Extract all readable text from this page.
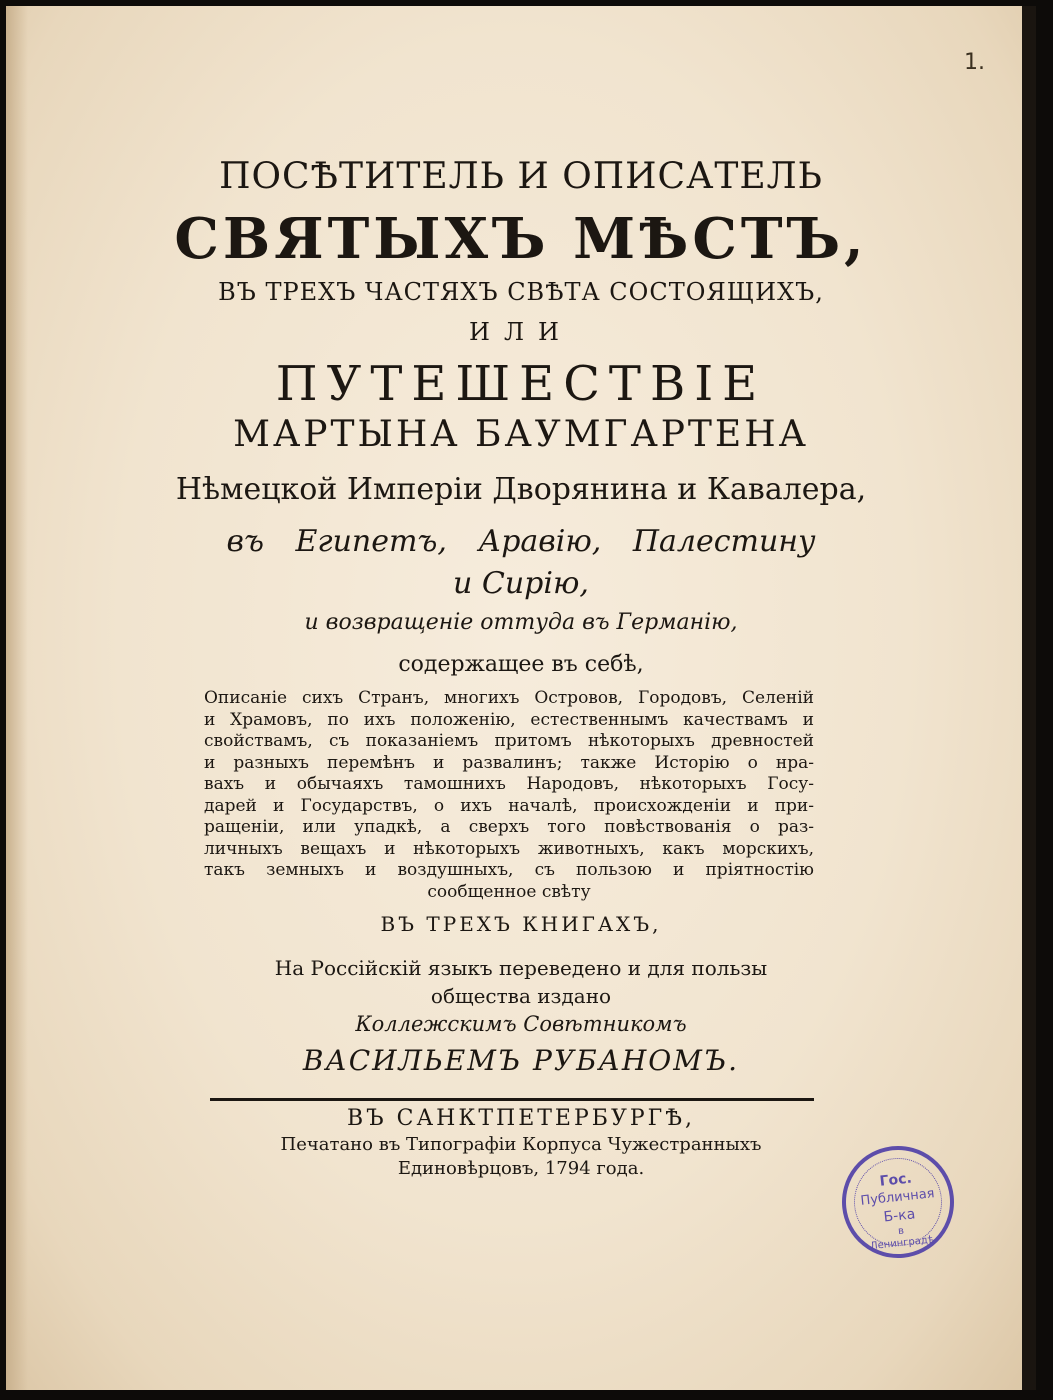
1.
ПОСѢТИТЕЛЬ И ОПИСАТЕЛЬ
СВЯТЫХЪ МѢСТЪ,
ВЪ ТРЕХЪ ЧАСТЯХЪ СВѢТА СОСТОЯЩИХЪ,
ИЛИ
ПУТЕШЕСТВІЕ
МАРТЫНА БАУМГАРТЕНА
Нѣмецкой Имперіи Дворянина и Кавалера,
въ Египетъ, Аравію, Палестину
и Сирію,
и возвращеніе оттуда въ Германію,
содержащее въ себѣ,
Описаніе сихъ Странъ, многихъ Островов, Городовъ, Селеній
и Храмовъ, по ихъ положенію, естественнымъ качествамъ и
свойствамъ, съ показаніемъ притомъ нѣкоторыхъ древностей
и разныхъ перемѣнъ и развалинъ; также Исторію о нра-
вахъ и обычаяхъ тамошнихъ Народовъ, нѣкоторыхъ Госу-
дарей и Государствъ, о ихъ началѣ, происхожденіи и при-
ращеніи, или упадкѣ, а сверхъ того повѣствованія о раз-
личныхъ вещахъ и нѣкоторыхъ животныхъ, какъ морскихъ,
такъ земныхъ и воздушныхъ, съ пользою и пріятностію
сообщенное свѣту
ВЪ ТРЕХЪ КНИГАХЪ,
На Россійскій языкъ переведено и для пользы
общества издано
Коллежскимъ Совѣтникомъ
ВАСИЛЬЕМЪ РУБАНОМЪ.
ВЪ САНКТПЕТЕРБУРГѢ,
Печатано въ Типографіи Корпуса Чужестранныхъ
Единовѣрцовъ, 1794 года.
Гос.
Публичная
Б-ка
в
Ленинградѣ
